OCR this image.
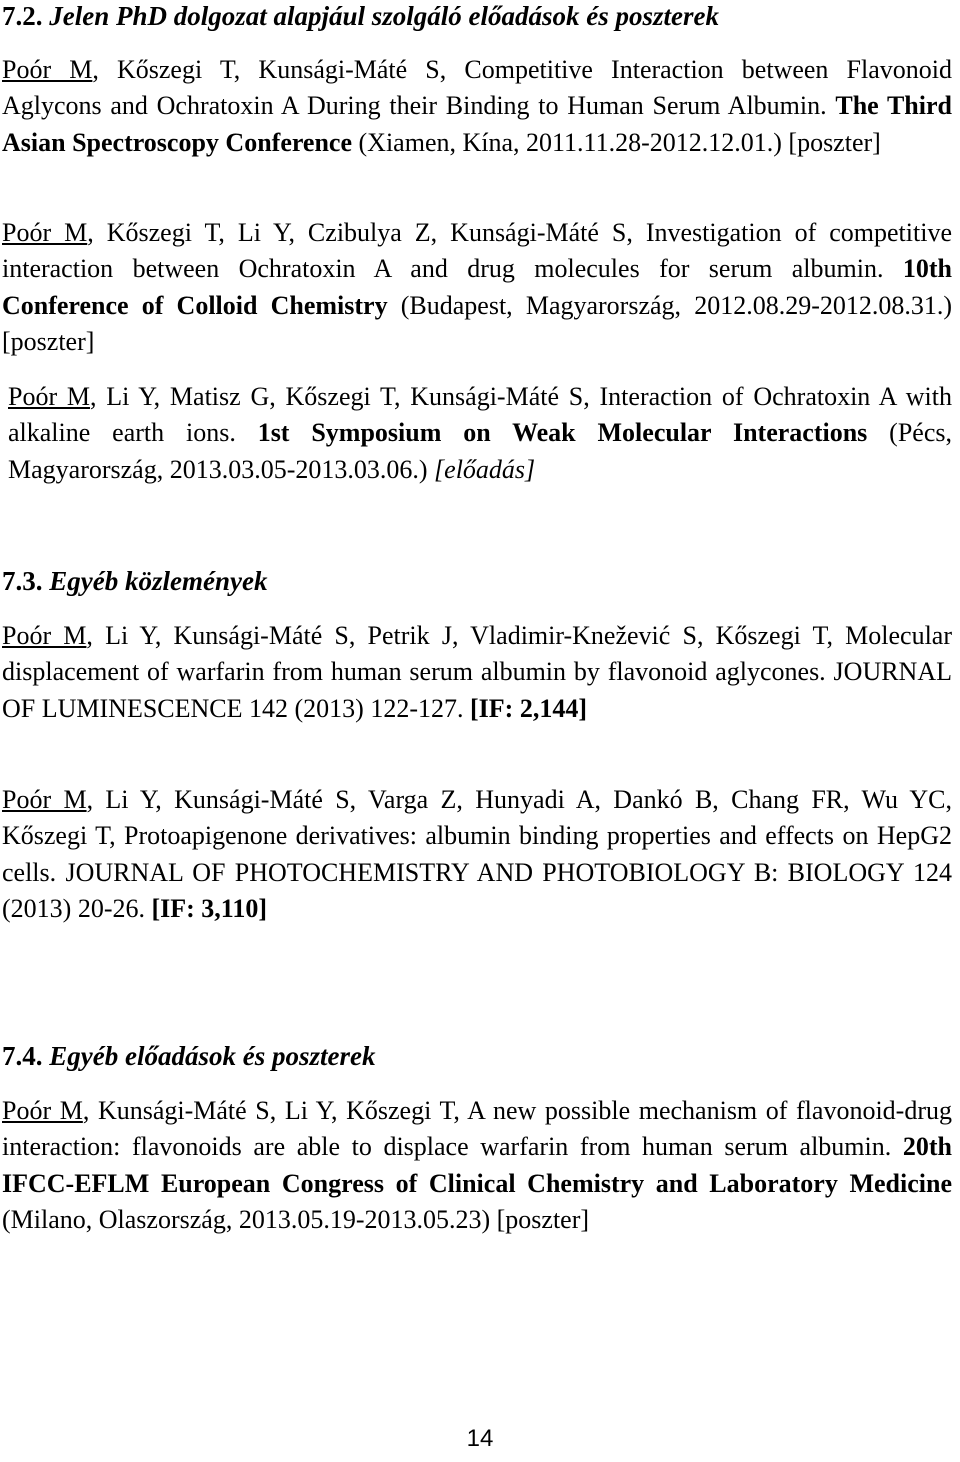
7.2. Jelen PhD dolgozat alapjául szolgáló előadások és poszterek

Poór M, Kőszegi T, Kunsági-Máté S, Competitive Interaction between Flavonoid Aglycons and Ochratoxin A During their Binding to Human Serum Albumin. The Third Asian Spectroscopy Conference (Xiamen, Kína, 2011.11.28-2012.12.01.) [poszter]

Poór M, Kőszegi T, Li Y, Czibulya Z, Kunsági-Máté S, Investigation of competitive interaction between Ochratoxin A and drug molecules for serum albumin. 10th Conference of Colloid Chemistry (Budapest, Magyarország, 2012.08.29-2012.08.31.) [poszter]

Poór M, Li Y, Matisz G, Kőszegi T, Kunsági-Máté S, Interaction of Ochratoxin A with alkaline earth ions. 1st Symposium on Weak Molecular Interactions (Pécs, Magyarország, 2013.03.05-2013.03.06.) [előadás]

7.3. Egyéb közlemények

Poór M, Li Y, Kunsági-Máté S, Petrik J, Vladimir-Knežević S, Kőszegi T, Molecular displacement of warfarin from human serum albumin by flavonoid aglycones. JOURNAL OF LUMINESCENCE 142 (2013) 122-127. [IF: 2,144]

Poór M, Li Y, Kunsági-Máté S, Varga Z, Hunyadi A, Dankó B, Chang FR, Wu YC, Kőszegi T, Protoapigenone derivatives: albumin binding properties and effects on HepG2 cells. JOURNAL OF PHOTOCHEMISTRY AND PHOTOBIOLOGY B: BIOLOGY 124 (2013) 20-26. [IF: 3,110]

7.4. Egyéb előadások és poszterek

Poór M, Kunsági-Máté S, Li Y, Kőszegi T, A new possible mechanism of flavonoid-drug interaction: flavonoids are able to displace warfarin from human serum albumin. 20th IFCC-EFLM European Congress of Clinical Chemistry and Laboratory Medicine (Milano, Olaszország, 2013.05.19-2013.05.23) [poszter]

14
